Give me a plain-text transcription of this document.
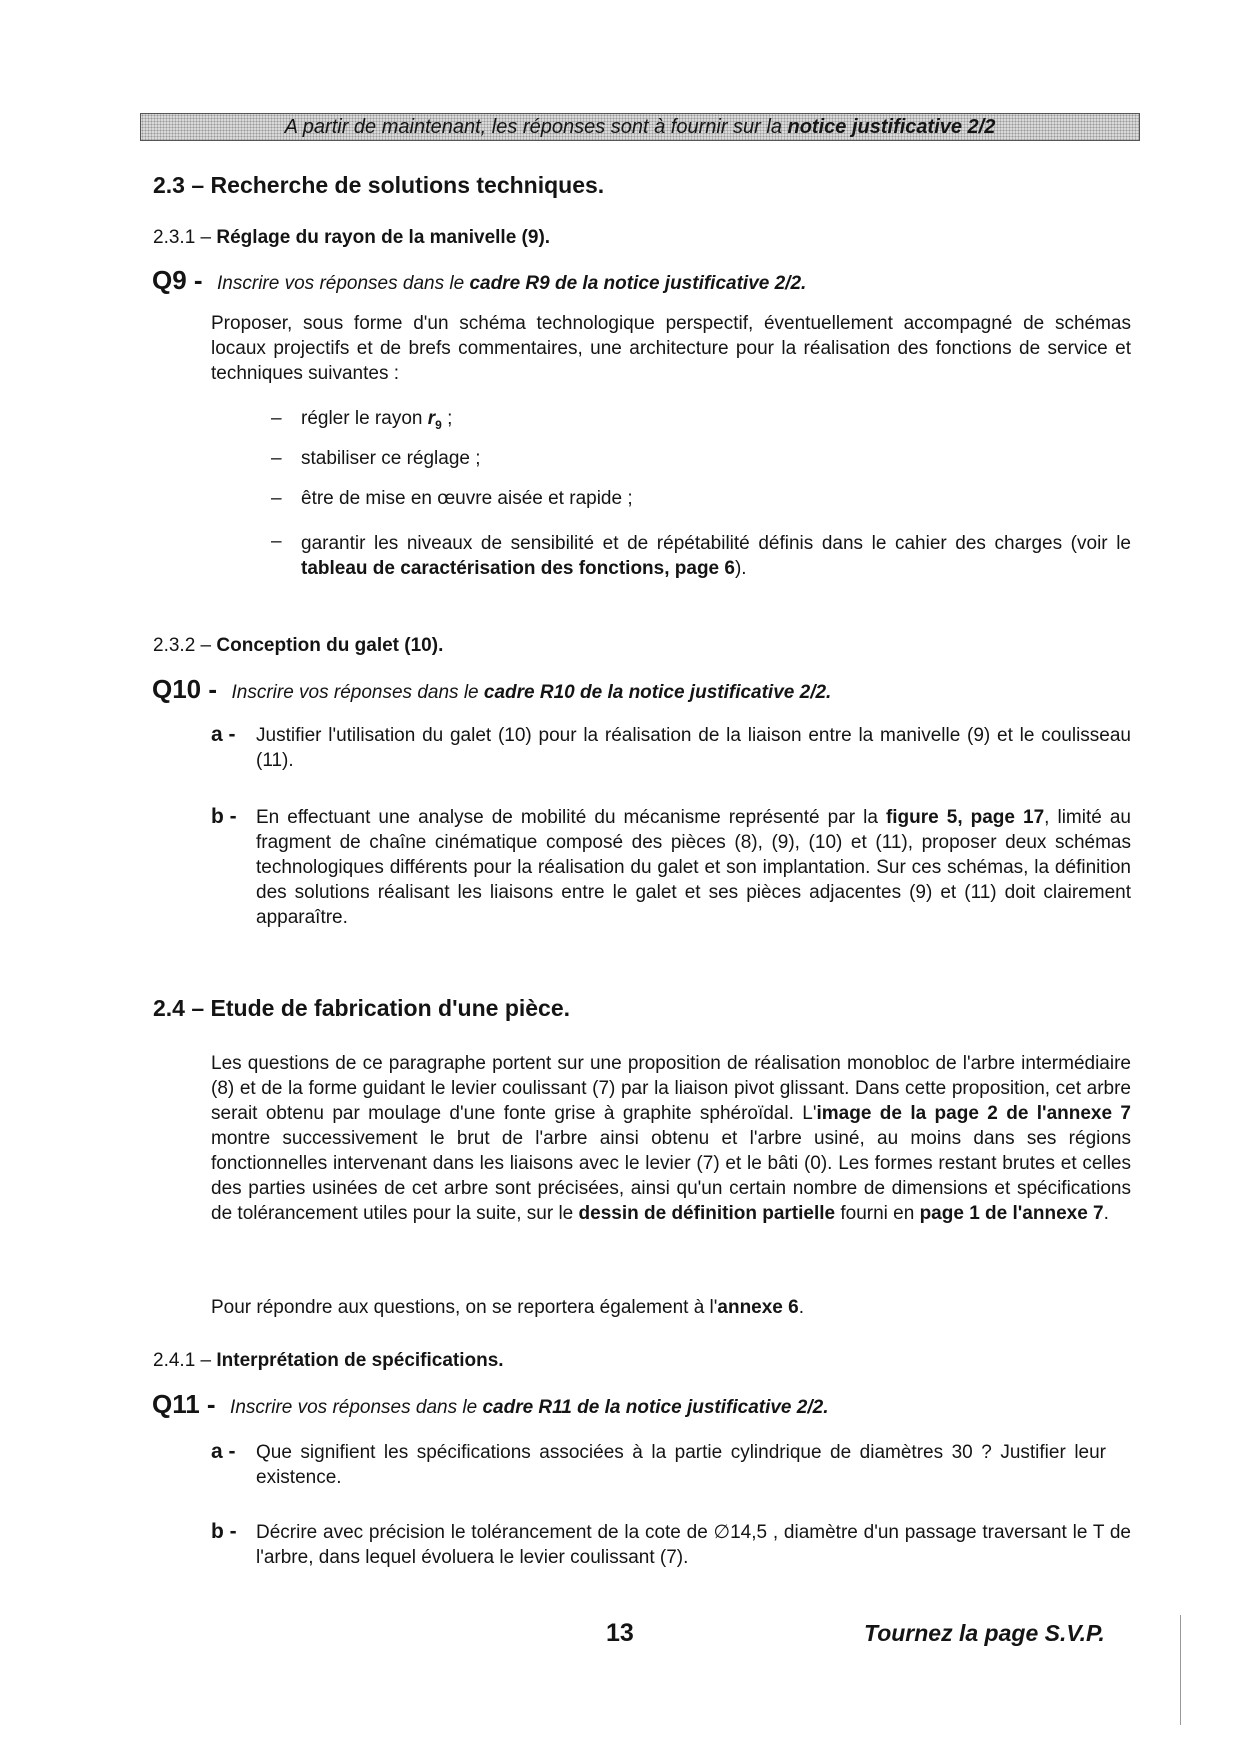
A partir de maintenant, les réponses sont à fournir sur la notice justificative 2/2
2.3 – Recherche de solutions techniques.
2.3.1 – Réglage du rayon de la manivelle (9).
Q9 - Inscrire vos réponses dans le cadre R9 de la notice justificative 2/2.
Proposer, sous forme d'un schéma technologique perspectif, éventuellement accompagné de schémas locaux projectifs et de brefs commentaires, une architecture pour la réalisation des fonctions de service et techniques suivantes :
– régler le rayon $r_9$ ;
– stabiliser ce réglage ;
– être de mise en œuvre aisée et rapide ;
– garantir les niveaux de sensibilité et de répétabilité définis dans le cahier des charges (voir le tableau de caractérisation des fonctions, page 6).
2.3.2 – Conception du galet (10).
Q10 - Inscrire vos réponses dans le cadre R10 de la notice justificative 2/2.
a - Justifier l'utilisation du galet (10) pour la réalisation de la liaison entre la manivelle (9) et le coulisseau (11).
b - En effectuant une analyse de mobilité du mécanisme représenté par la figure 5, page 17, limité au fragment de chaîne cinématique composé des pièces (8), (9), (10) et (11), proposer deux schémas technologiques différents pour la réalisation du galet et son implantation. Sur ces schémas, la définition des solutions réalisant les liaisons entre le galet et ses pièces adjacentes (9) et (11) doit clairement apparaître.
2.4 – Etude de fabrication d'une pièce.
Les questions de ce paragraphe portent sur une proposition de réalisation monobloc de l'arbre intermédiaire (8) et de la forme guidant le levier coulissant (7) par la liaison pivot glissant. Dans cette proposition, cet arbre serait obtenu par moulage d'une fonte grise à graphite sphéroïdal. L'image de la page 2 de l'annexe 7 montre successivement le brut de l'arbre ainsi obtenu et l'arbre usiné, au moins dans ses régions fonctionnelles intervenant dans les liaisons avec le levier (7) et le bâti (0). Les formes restant brutes et celles des parties usinées de cet arbre sont précisées, ainsi qu'un certain nombre de dimensions et spécifications de tolérancement utiles pour la suite, sur le dessin de définition partielle fourni en page 1 de l'annexe 7.
Pour répondre aux questions, on se reportera également à l'annexe 6.
2.4.1 – Interprétation de spécifications.
Q11 - Inscrire vos réponses dans le cadre R11 de la notice justificative 2/2.
a - Que signifient les spécifications associées à la partie cylindrique de diamètres 30 ? Justifier leur existence.
b - Décrire avec précision le tolérancement de la cote de ∅14,5 , diamètre d'un passage traversant le T de l'arbre, dans lequel évoluera le levier coulissant (7).
13	Tournez la page S.V.P.
